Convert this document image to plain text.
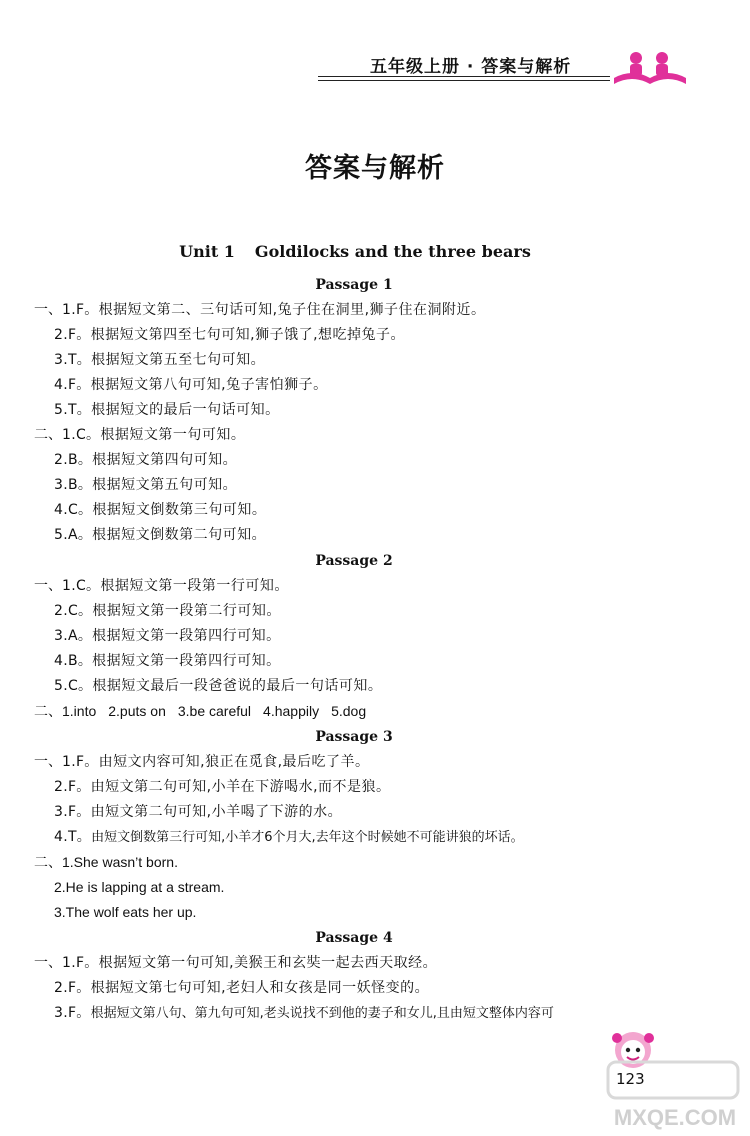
五年级上册 · 答案与解析
答案与解析
Unit 1 Goldilocks and the three bears
Passage 1
一、1.F。根据短文第二、三句话可知,兔子住在洞里,狮子住在洞附近。
2.F。根据短文第四至七句可知,狮子饿了,想吃掉兔子。
3.T。根据短文第五至七句可知。
4.F。根据短文第八句可知,兔子害怕狮子。
5.T。根据短文的最后一句话可知。
二、1.C。根据短文第一句可知。
2.B。根据短文第四句可知。
3.B。根据短文第五句可知。
4.C。根据短文倒数第三句可知。
5.A。根据短文倒数第二句可知。
Passage 2
一、1.C。根据短文第一段第一行可知。
2.C。根据短文第一段第二行可知。
3.A。根据短文第一段第四行可知。
4.B。根据短文第一段第四行可知。
5.C。根据短文最后一段爸爸说的最后一句话可知。
二、1.into 2.puts on 3.be careful 4.happily 5.dog
Passage 3
一、1.F。由短文内容可知,狼正在觅食,最后吃了羊。
2.F。由短文第二句可知,小羊在下游喝水,而不是狼。
3.F。由短文第二句可知,小羊喝了下游的水。
4.T。由短文倒数第三行可知,小羊才6个月大,去年这个时候她不可能讲狼的坏话。
二、1.She wasn’t born.
2.He is lapping at a stream.
3.The wolf eats her up.
Passage 4
一、1.F。根据短文第一句可知,美猴王和玄奘一起去西天取经。
2.F。根据短文第七句可知,老妇人和女孩是同一妖怪变的。
3.F。根据短文第八句、第九句可知,老头说找不到他的妻子和女儿,且由短文整体内容可
MXQE.COM
123
